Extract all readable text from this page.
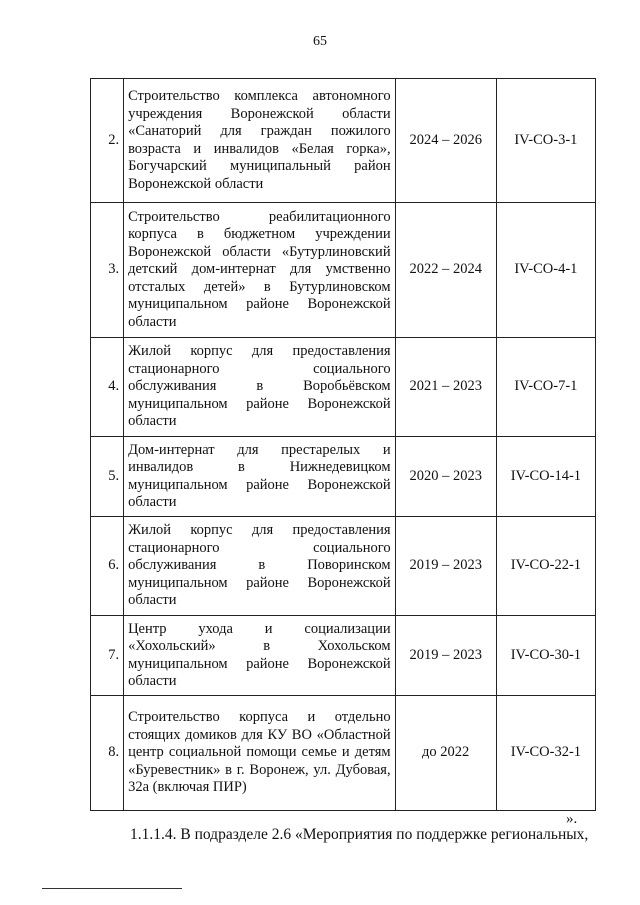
65
2.	Строительство комплекса автономного учреждения Воронежской области «Санаторий для граждан пожилого возраста и инвалидов «Белая горка», Богучарский муниципальный район Воронежской области	2024 – 2026	IV-CO-3-1
3.	Строительство реабилитационного корпуса в бюджетном учреждении Воронежской области «Бутурлиновский детский дом-интернат для умственно отсталых детей» в Бутурлиновском муниципальном районе Воронежской области	2022 – 2024	IV-CO-4-1
4.	Жилой корпус для предоставления стационарного социального обслуживания в Воробьёвском муниципальном районе Воронежской области	2021 – 2023	IV-CO-7-1
5.	Дом-интернат для престарелых и инвалидов в Нижнедевицком муниципальном районе Воронежской области	2020 – 2023	IV-CO-14-1
6.	Жилой корпус для предоставления стационарного социального обслуживания в Поворинском муниципальном районе Воронежской области	2019 – 2023	IV-CO-22-1
7.	Центр ухода и социализации «Хохольский» в Хохольском муниципальном районе Воронежской области	2019 – 2023	IV-CO-30-1
8.	Строительство корпуса и отдельно стоящих домиков для КУ ВО «Областной центр социальной помощи семье и детям «Буревестник» в г. Воронеж, ул. Дубовая, 32а (включая ПИР)	до 2022	IV-CO-32-1
».
1.1.1.4. В подразделе 2.6 «Мероприятия по поддержке региональных,
